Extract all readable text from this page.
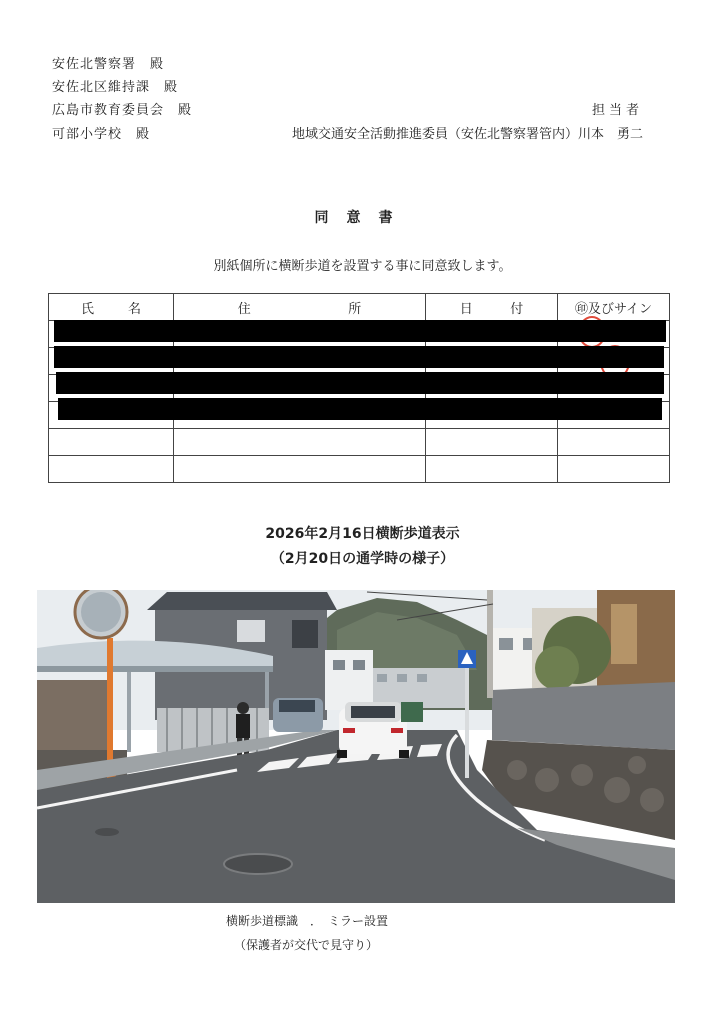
安佐北警察署　殿
安佐北区維持課　殿
広島市教育委員会　殿
可部小学校　殿
担当者
地域交通安全活動推進委員（安佐北警察署管内）川本　勇二
同意書
別紙個所に横断歩道を設置する事に同意致します。
氏 名	住 所	日 付	㊞及びサイン

2026年2月16日横断歩道表示
（2月20日の通学時の様子）
横断歩道標識　．　ミラー設置
（保護者が交代で見守り）
